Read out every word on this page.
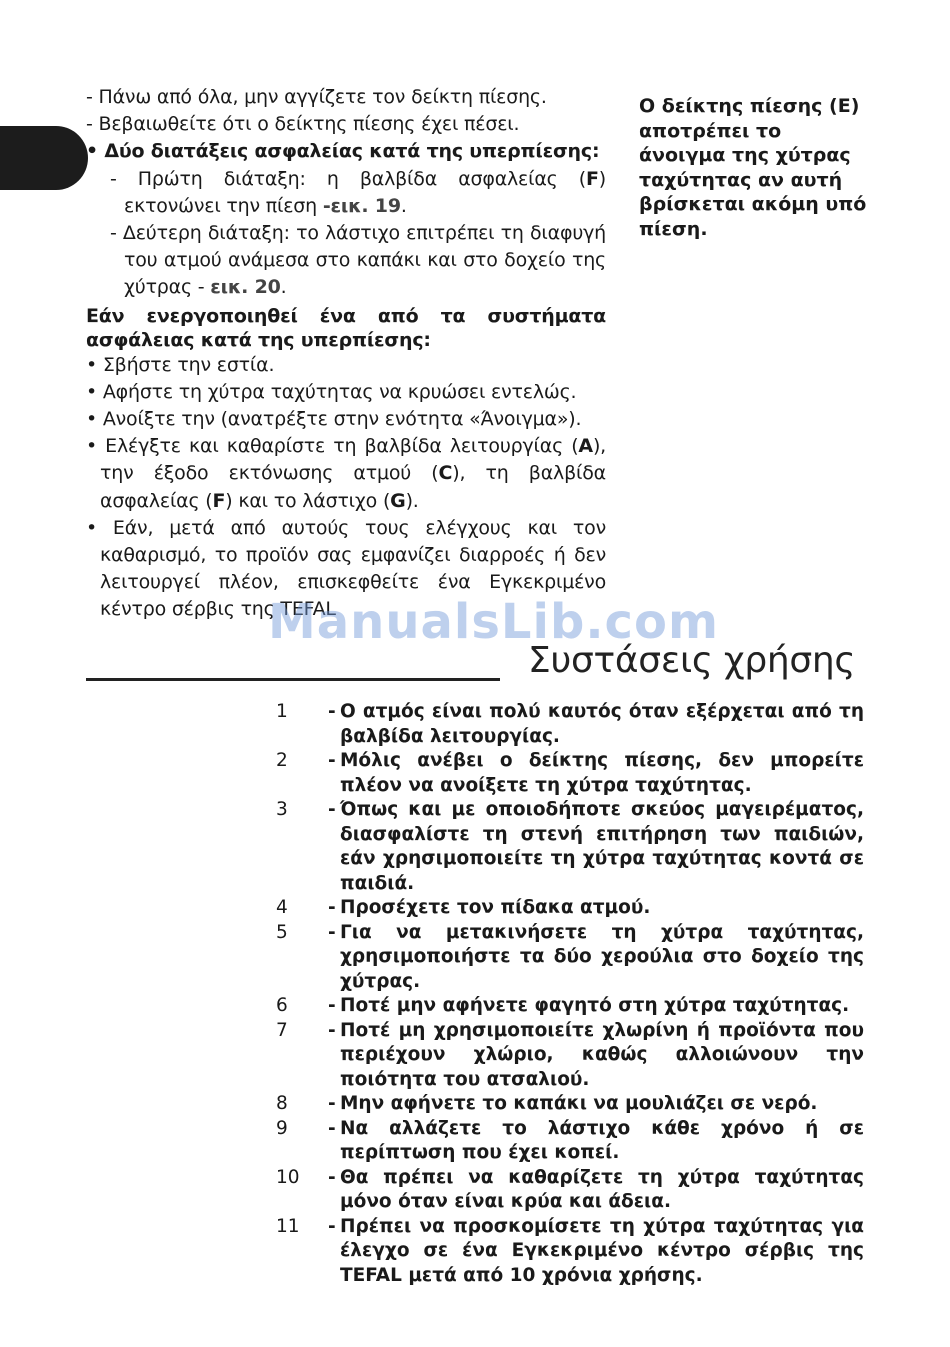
- Πάνω από όλα, μην αγγίζετε τον δείκτη πίεσης.

- Βεβαιωθείτε ότι ο δείκτης πίεσης έχει πέσει.

• Δύο διατάξεις ασφαλείας κατά της υπερπίεσης:

- Πρώτη διάταξη: η βαλβίδα ασφαλείας (F) εκτονώνει την πίεση -εικ. 19.

- Δεύτερη διάταξη: το λάστιχο επιτρέπει τη διαφυγή του ατμού ανάμεσα στο καπάκι και στο δοχείο της χύτρας - εικ. 20.

Εάν ενεργοποιηθεί ένα από τα συστήματα ασφάλειας κατά της υπερπίεσης:

• Σβήστε την εστία.

• Αφήστε τη χύτρα ταχύτητας να κρυώσει εντελώς.

• Ανοίξτε την (ανατρέξτε στην ενότητα «Άνοιγμα»).

• Ελέγξτε και καθαρίστε τη βαλβίδα λειτουργίας (A), την έξοδο εκτόνωσης ατμού (C), τη βαλβίδα ασφαλείας (F) και το λάστιχο (G).

• Εάν, μετά από αυτούς τους ελέγχους και τον καθαρισμό, το προϊόν σας εμφανίζει διαρροές ή δεν λειτουργεί πλέον, επισκεφθείτε ένα Εγκεκριμένο κέντρο σέρβις της TEFAL

Ο δείκτης πίεσης (E) αποτρέπει το άνοιγμα της χύτρας ταχύτητας αν αυτή βρίσκεται ακόμη υπό πίεση.
ManualsLib.com
Συστάσεις χρήσης
1	- Ο ατμός είναι πολύ καυτός όταν εξέρχεται από τη βαλβίδα λειτουργίας.
2	- Μόλις ανέβει ο δείκτης πίεσης, δεν μπορείτε πλέον να ανοίξετε τη χύτρα ταχύτητας.
3	- Όπως και με οποιοδήποτε σκεύος μαγειρέματος, διασφαλίστε τη στενή επιτήρηση των παιδιών, εάν χρησιμοποιείτε τη χύτρα ταχύτητας κοντά σε παιδιά.
4	- Προσέχετε τον πίδακα ατμού.
5	- Για να μετακινήσετε τη χύτρα ταχύτητας, χρησιμοποιήστε τα δύο χερούλια στο δοχείο της χύτρας.
6	- Ποτέ μην αφήνετε φαγητό στη χύτρα ταχύτητας.
7	- Ποτέ μη χρησιμοποιείτε χλωρίνη ή προϊόντα που περιέχουν χλώριο, καθώς αλλοιώνουν την ποιότητα του ατσαλιού.
8	- Μην αφήνετε το καπάκι να μουλιάζει σε νερό.
9	- Να αλλάζετε το λάστιχο κάθε χρόνο ή σε περίπτωση που έχει κοπεί.
10	- Θα πρέπει να καθαρίζετε τη χύτρα ταχύτητας μόνο όταν είναι κρύα και άδεια.
11	- Πρέπει να προσκομίσετε τη χύτρα ταχύτητας για έλεγχο σε ένα Εγκεκριμένο κέντρο σέρβις της TEFAL μετά από 10 χρόνια χρήσης.
